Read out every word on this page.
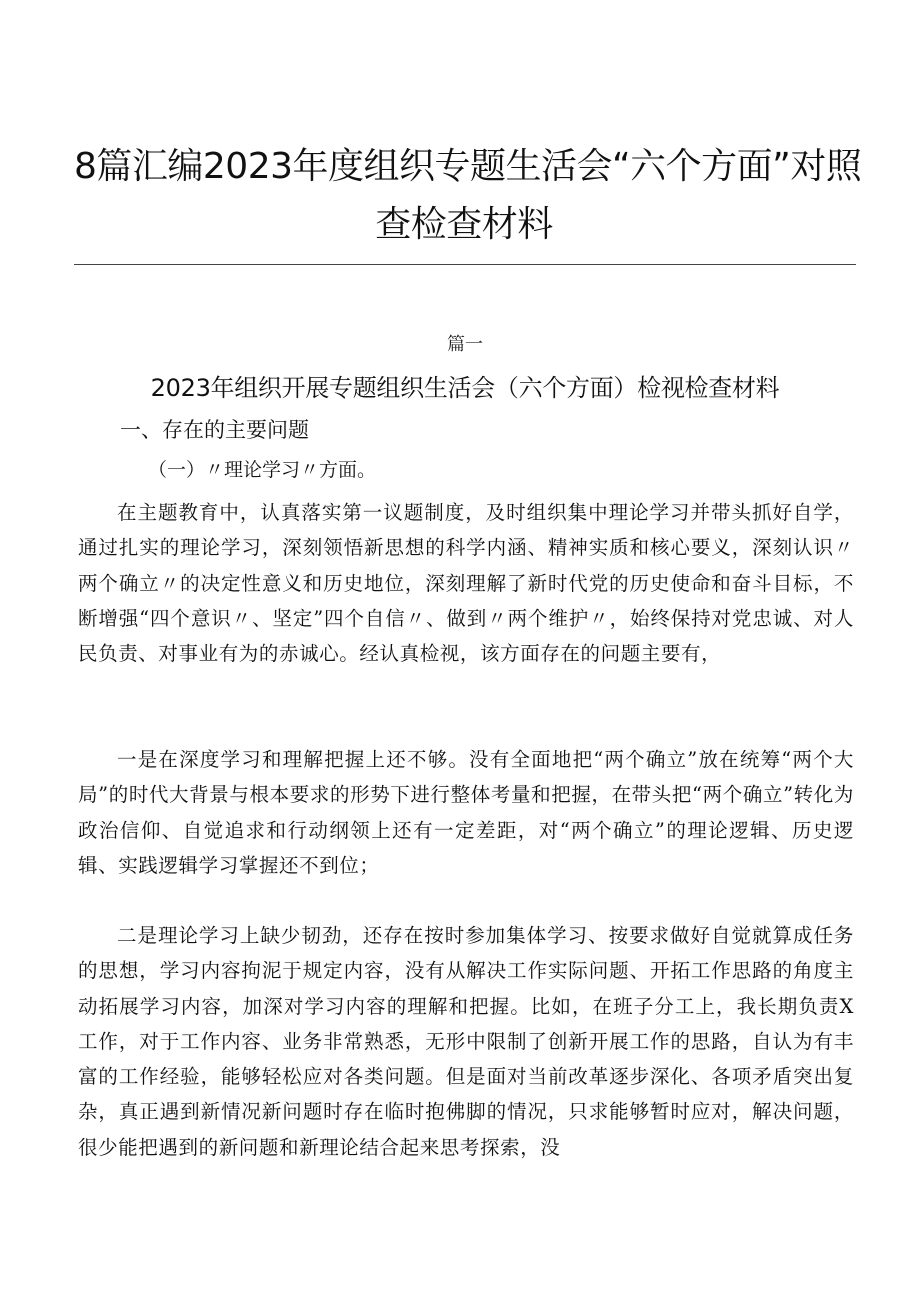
8篇汇编2023年度组织专题生活会“六个方面”对照
查检查材料
篇一
2023年组织开展专题组织生活会（六个方面）检视检查材料
一、存在的主要问题
（一）〃理论学习〃方面。

在主题教育中，认真落实第一议题制度，及时组织集中理论学习并带头抓好自学，通过扎实的理论学习，深刻领悟新思想的科学内涵、精神实质和核心要义，深刻认识〃两个确立〃的决定性意义和历史地位，深刻理解了新时代党的历史使命和奋斗目标，不断增强“四个意识〃、坚定”四个自信〃、做到〃两个维护〃，始终保持对党忠诚、对人民负责、对事业有为的赤诚心。经认真检视，该方面存在的问题主要有，

一是在深度学习和理解把握上还不够。没有全面地把“两个确立”放在统筹“两个大局”的时代大背景与根本要求的形势下进行整体考量和把握，在带头把“两个确立”转化为政治信仰、自觉追求和行动纲领上还有一定差距，对“两个确立”的理论逻辑、历史逻辑、实践逻辑学习掌握还不到位；

二是理论学习上缺少韧劲，还存在按时参加集体学习、按要求做好自觉就算成任务的思想，学习内容拘泥于规定内容，没有从解决工作实际问题、开拓工作思路的角度主动拓展学习内容，加深对学习内容的理解和把握。比如，在班子分工上，我长期负责X工作，对于工作内容、业务非常熟悉，无形中限制了创新开展工作的思路，自认为有丰富的工作经验，能够轻松应对各类问题。但是面对当前改革逐步深化、各项矛盾突出复杂，真正遇到新情况新问题时存在临时抱佛脚的情况，只求能够暂时应对，解决问题，很少能把遇到的新问题和新理论结合起来思考探索，没
